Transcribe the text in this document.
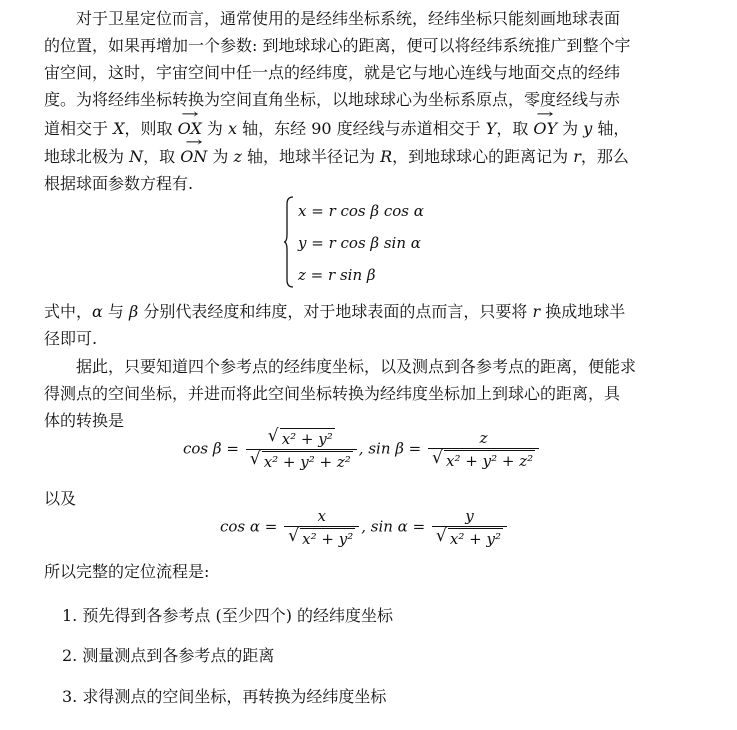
对于卫星定位而言，通常使用的是经纬坐标系统，经纬坐标只能刻画地球表面
的位置，如果再增加一个参数: 到地球球心的距离，便可以将经纬系统推广到整个宇
宙空间，这时，宇宙空间中任一点的经纬度，就是它与地心连线与地面交点的经纬
度。为将经纬坐标转换为空间直角坐标，以地球球心为坐标系原点，零度经线与赤
道相交于 X，则取 OX → 为 x 轴，东经 90 度经线与赤道相交于 Y，取 OY → 为 y 轴，
地球北极为 N，取 ON → 为 z 轴，地球半径记为 R，到地球球心的距离记为 r，那么
根据球面参数方程有.
x = r cos β cos α
y = r cos β sin α
z = r sin β
式中，α 与 β 分别代表经度和纬度，对于地球表面的点而言，只要将 r 换成地球半
径即可.
据此，只要知道四个参考点的经纬度坐标，以及测点到各参考点的距离，便能求
得测点的空间坐标，并进而将此空间坐标转换为经纬度坐标加上到球心的距离，具
体的转换是
$\cos \beta = \frac{\text{√ x² + y²}}{\text{√ x² + y² + z²}}$ , $\sin \beta = \frac{z}{\text{√ x² + y² + z²}}$
以及
$\cos \alpha = \frac{x}{\text{√ x² + y²}}$ , $\sin \alpha = \frac{y}{\text{√ x² + y²}}$
所以完整的定位流程是:
1. 预先得到各参考点 (至少四个) 的经纬度坐标
2. 测量测点到各参考点的距离
3. 求得测点的空间坐标，再转换为经纬度坐标
